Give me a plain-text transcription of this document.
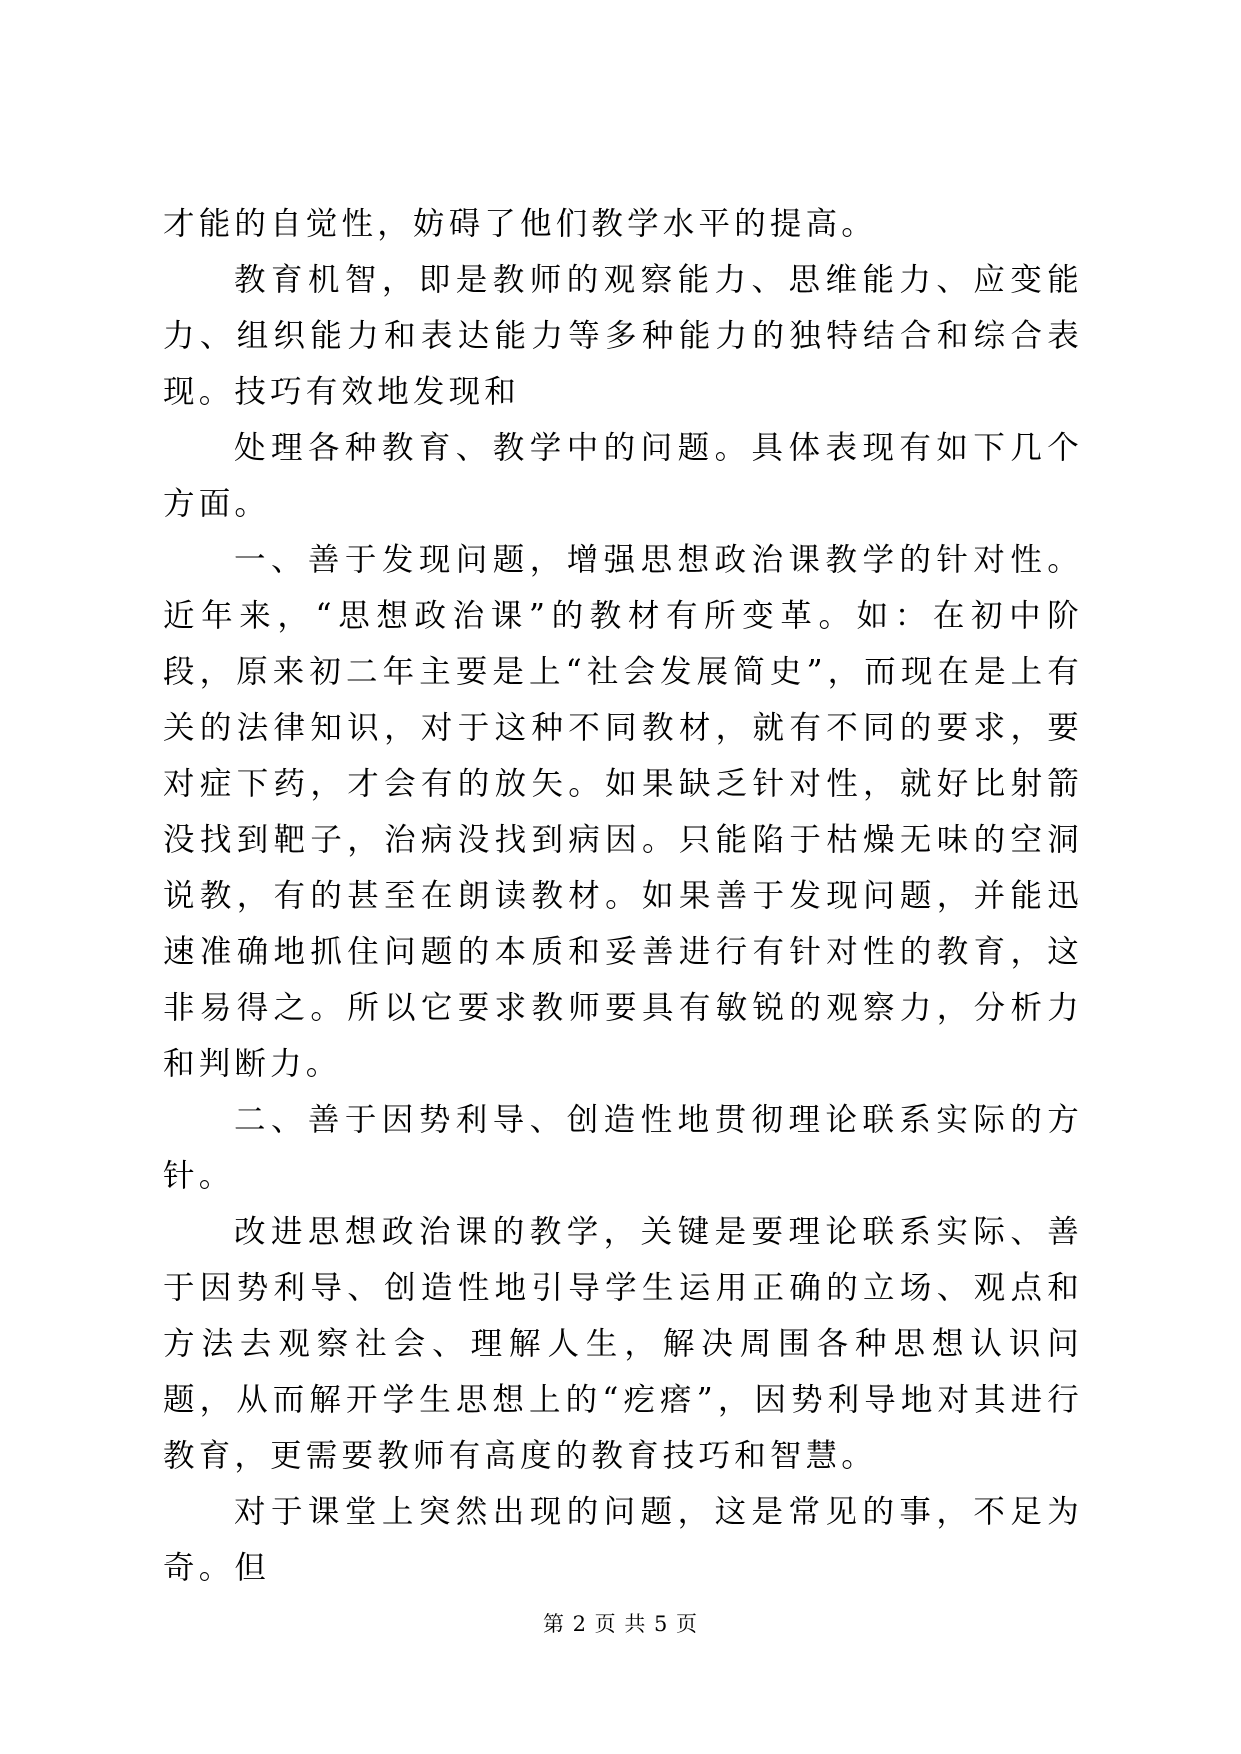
才能的自觉性，妨碍了他们教学水平的提高。

教育机智，即是教师的观察能力、思维能力、应变能力、组织能力和表达能力等多种能力的独特结合和综合表现。技巧有效地发现和

处理各种教育、教学中的问题。具体表现有如下几个方面。

一、善于发现问题，增强思想政治课教学的针对性。近年来，“思想政治课”的教材有所变革。如：在初中阶段，原来初二年主要是上“社会发展简史”，而现在是上有关的法律知识，对于这种不同教材，就有不同的要求，要对症下药，才会有的放矢。如果缺乏针对性，就好比射箭没找到靶子，治病没找到病因。只能陷于枯燥无味的空洞说教，有的甚至在朗读教材。如果善于发现问题，并能迅速准确地抓住问题的本质和妥善进行有针对性的教育，这非易得之。所以它要求教师要具有敏锐的观察力，分析力和判断力。

二、善于因势利导、创造性地贯彻理论联系实际的方针。

改进思想政治课的教学，关键是要理论联系实际、善于因势利导、创造性地引导学生运用正确的立场、观点和方法去观察社会、理解人生，解决周围各种思想认识问题，从而解开学生思想上的“疙瘩”，因势利导地对其进行教育，更需要教师有高度的教育技巧和智慧。

对于课堂上突然出现的问题，这是常见的事，不足为奇。但

第 2 页 共 5 页
